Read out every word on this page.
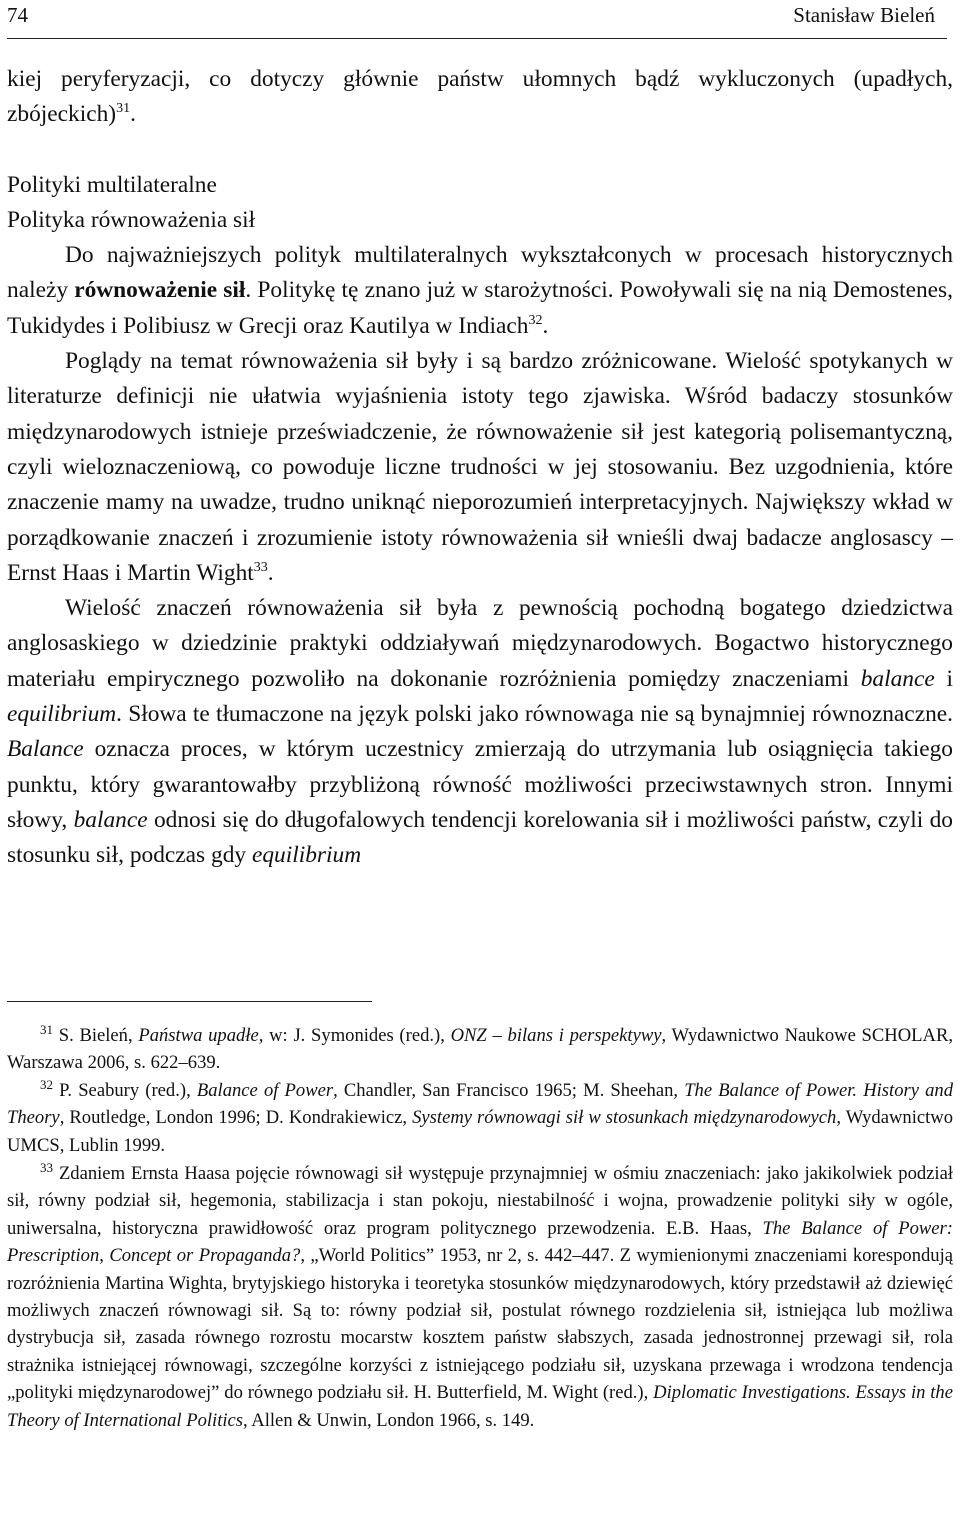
74	Stanisław Bieleń

kiej peryferyzacji, co dotyczy głównie państw ułomnych bądź wykluczonych (upadłych, zbójeckich)$^{31}$.

Polityki multilateralne

Polityka równoważenia sił

Do najważniejszych polityk multilateralnych wykształconych w procesach historycznych należy równoważenie sił. Politykę tę znano już w starożytności. Powoływali się na nią Demostenes, Tukidydes i Polibiusz w Grecji oraz Kautilya w Indiach$^{32}$.

Poglądy na temat równoważenia sił były i są bardzo zróżnicowane. Wielość spotykanych w literaturze definicji nie ułatwia wyjaśnienia istoty tego zjawiska. Wśród badaczy stosunków międzynarodowych istnieje przeświadczenie, że równoważenie sił jest kategorią polisemantyczną, czyli wieloznaczeniową, co powoduje liczne trudności w jej stosowaniu. Bez uzgodnienia, które znaczenie mamy na uwadze, trudno uniknąć nieporozumień interpretacyjnych. Największy wkład w porządkowanie znaczeń i zrozumienie istoty równoważenia sił wnieśli dwaj badacze anglosascy – Ernst Haas i Martin Wight$^{33}$.

Wielość znaczeń równoważenia sił była z pewnością pochodną bogatego dziedzictwa anglosaskiego w dziedzinie praktyki oddziaływań międzynarodowych. Bogactwo historycznego materiału empirycznego pozwoliło na dokonanie rozróżnienia pomiędzy znaczeniami balance i equilibrium. Słowa te tłumaczone na język polski jako równowaga nie są bynajmniej równoznaczne. Balance oznacza proces, w którym uczestnicy zmierzają do utrzymania lub osiągnięcia takiego punktu, który gwarantowałby przybliżoną równość możliwości przeciwstawnych stron. Innymi słowy, balance odnosi się do długofalowych tendencji korelowania sił i możliwości państw, czyli do stosunku sił, podczas gdy equilibrium

$^{31}$ S. Bieleń, Państwa upadłe, w: J. Symonides (red.), ONZ – bilans i perspektywy, Wydawnictwo Naukowe SCHOLAR, Warszawa 2006, s. 622–639.

$^{32}$ P. Seabury (red.), Balance of Power, Chandler, San Francisco 1965; M. Sheehan, The Balance of Power. History and Theory, Routledge, London 1996; D. Kondrakiewicz, Systemy równowagi sił w stosunkach międzynarodowych, Wydawnictwo UMCS, Lublin 1999.

$^{33}$ Zdaniem Ernsta Haasa pojęcie równowagi sił występuje przynajmniej w ośmiu znaczeniach: jako jakikolwiek podział sił, równy podział sił, hegemonia, stabilizacja i stan pokoju, niestabilność i wojna, prowadzenie polityki siły w ogóle, uniwersalna, historyczna prawidłowość oraz program politycznego przewodzenia. E.B. Haas, The Balance of Power: Prescription, Concept or Propaganda?, „World Politics” 1953, nr 2, s. 442–447. Z wymienionymi znaczeniami korespondują rozróżnienia Martina Wighta, brytyjskiego historyka i teoretyka stosunków międzynarodowych, który przedstawił aż dziewięć możliwych znaczeń równowagi sił. Są to: równy podział sił, postulat równego rozdzielenia sił, istniejąca lub możliwa dystrybucja sił, zasada równego rozrostu mocarstw kosztem państw słabszych, zasada jednostronnej przewagi sił, rola strażnika istniejącej równowagi, szczególne korzyści z istniejącego podziału sił, uzyskana przewaga i wrodzona tendencja „polityki międzynarodowej” do równego podziału sił. H. Butterfield, M. Wight (red.), Diplomatic Investigations. Essays in the Theory of International Politics, Allen & Unwin, London 1966, s. 149.
